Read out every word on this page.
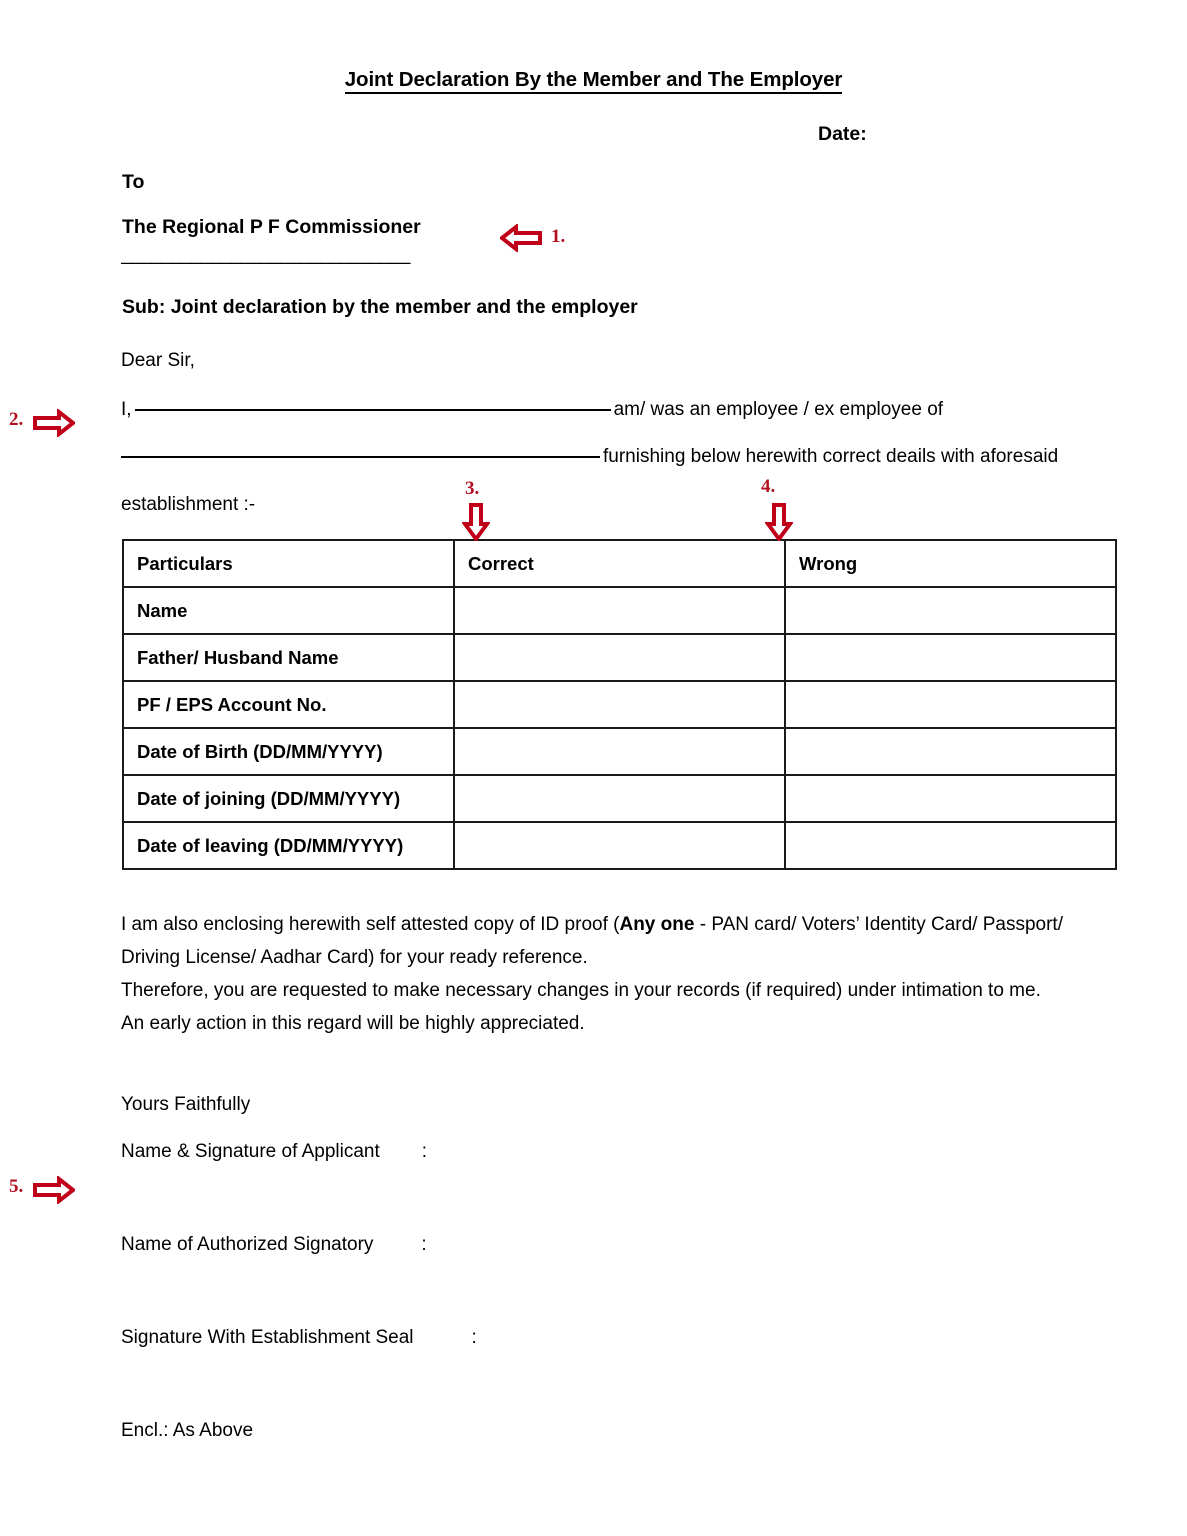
Joint Declaration By the Member and The Employer
Date:
To
The Regional P F Commissioner
_____________________________
Sub: Joint declaration by the member and the employer
Dear Sir,
I,	am/ was an employee / ex employee of
furnishing below herewith correct deails with aforesaid
establishment :-
Particulars	Correct	Wrong
Name		
Father/ Husband Name		
PF / EPS Account No.		
Date of Birth (DD/MM/YYYY)		
Date of joining (DD/MM/YYYY)		
Date of leaving (DD/MM/YYYY)		
I am also enclosing herewith self attested copy of ID proof (Any one - PAN card/ Voters’ Identity Card/ Passport/ Driving License/ Aadhar Card) for your ready reference.
Therefore, you are requested to make necessary changes in your records (if required) under intimation to me.
An early action in this regard will be highly appreciated.
Yours Faithfully
Name & Signature of Applicant :
Name of Authorized Signatory	:
Signature With Establishment Seal	:
Encl.: As Above
1.
2.
3.	4.
5.
